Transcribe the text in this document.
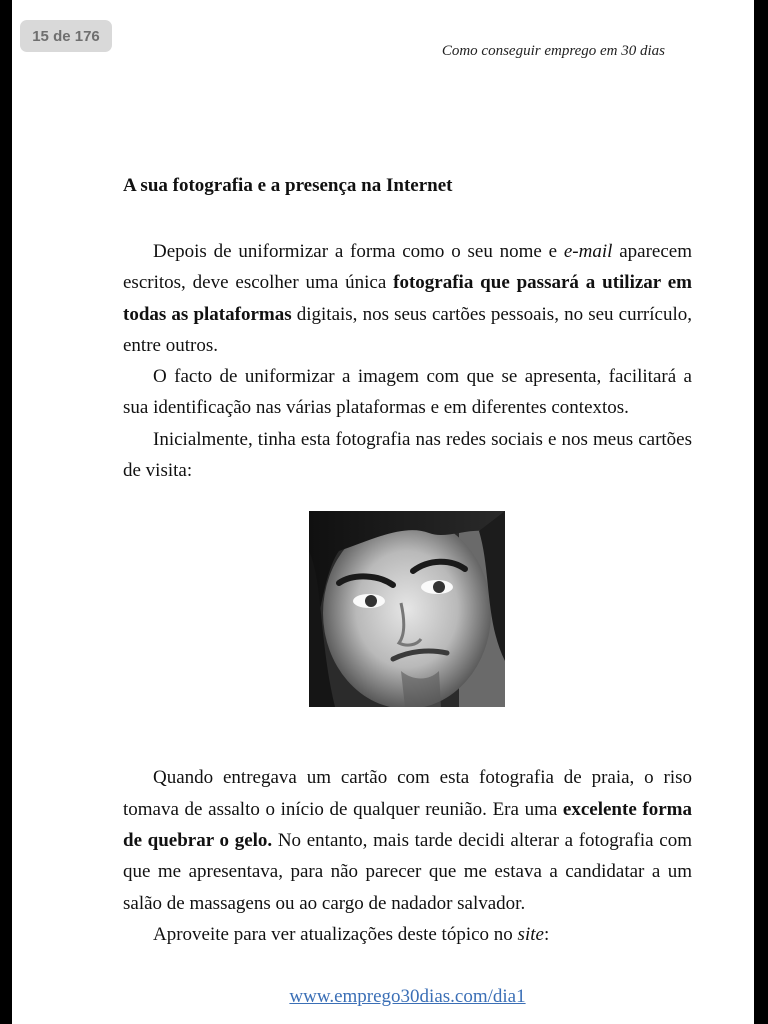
Como conseguir emprego em 30 dias
A sua fotografia e a presença na Internet

Depois de uniformizar a forma como o seu nome e e-mail aparecem escritos, deve escolher uma única fotografia que passará a utilizar em todas as plataformas digitais, nos seus cartões pessoais, no seu currículo, entre outros.

O facto de uniformizar a imagem com que se apresenta, facilitará a sua identificação nas várias plataformas e em diferentes contextos.

Inicialmente, tinha esta fotografia nas redes sociais e nos meus cartões de visita:

Quando entregava um cartão com esta fotografia de praia, o riso tomava de assalto o início de qualquer reunião. Era uma excelente forma de quebrar o gelo. No entanto, mais tarde decidi alterar a fotografia com que me apresentava, para não parecer que me estava a candidatar a um salão de massagens ou ao cargo de nadador salvador.

Aproveite para ver atualizações deste tópico no site:

www.emprego30dias.com/dia1
15 de 176
